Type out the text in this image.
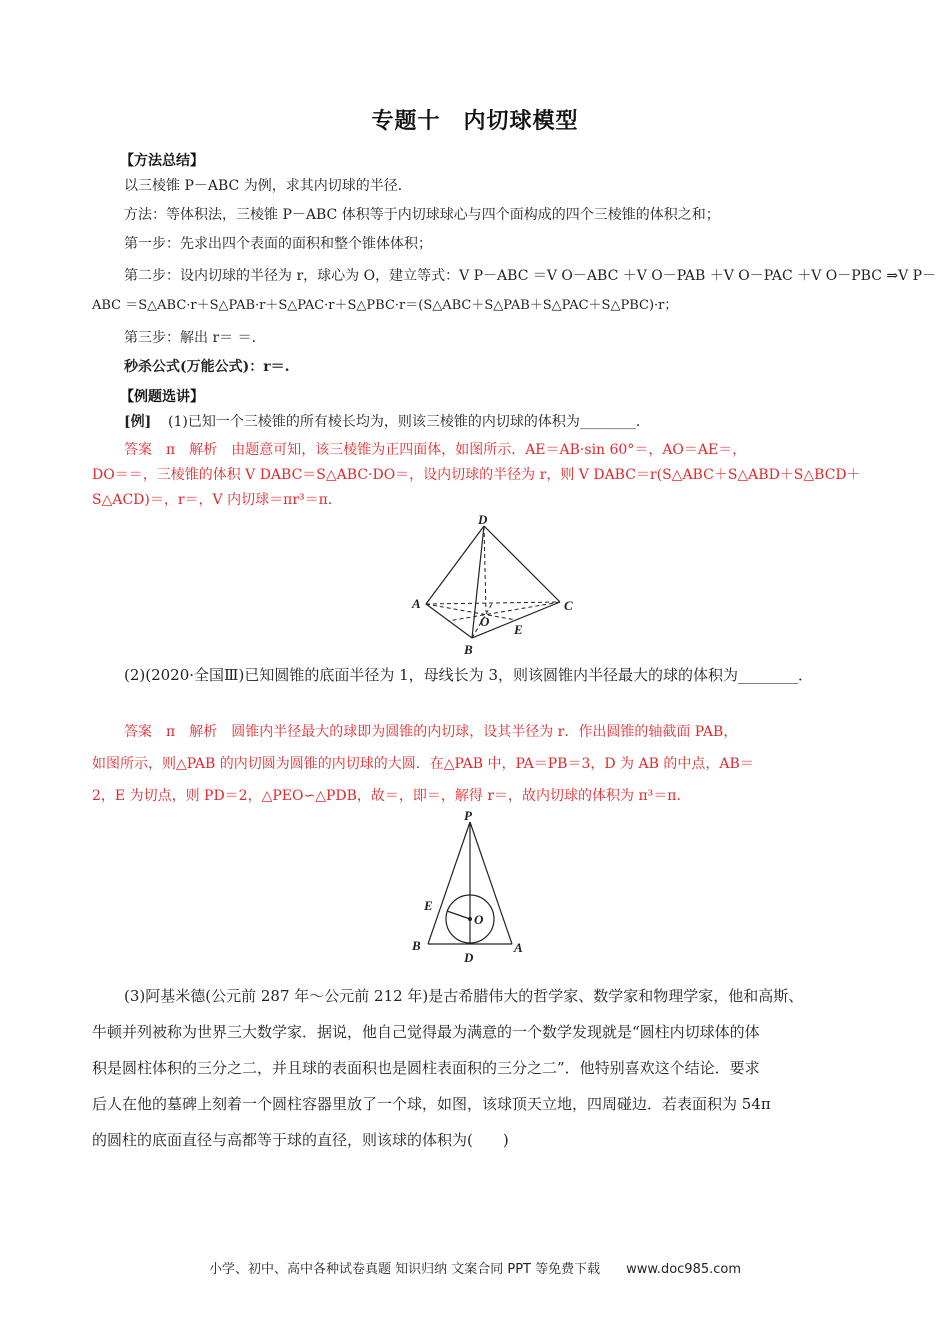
专题十　内切球模型
【方法总结】
以三棱锥 P－ABC 为例，求其内切球的半径．
方法：等体积法，三棱锥 P－ABC 体积等于内切球球心与四个面构成的四个三棱锥的体积之和；
第一步：先求出四个表面的面积和整个锥体体积；
第二步：设内切球的半径为 r，球心为 O，建立等式：V P－ABC ＝V O－ABC ＋V O－PAB ＋V O－PAC ＋V O－PBC ⇒V P－
ABC ＝S△ABC·r＋S△PAB·r＋S△PAC·r＋S△PBC·r＝(S△ABC＋S△PAB＋S△PAC＋S△PBC)·r；
第三步：解出 r＝ ＝．
秒杀公式(万能公式)：r＝.
【例题选讲】
[例] (1)已知一个三棱锥的所有棱长均为，则该三棱锥的内切球的体积为________．
答案　π　解析　由题意可知，该三棱锥为正四面体，如图所示．AE＝AB·sin 60°＝，AO＝AE＝，
DO＝＝，三棱锥的体积 V DABC＝S△ABC·DO＝，设内切球的半径为 r，则 V DABC＝r(S△ABC＋S△ABD＋S△BCD＋
S△ACD)＝，r＝，V 内切球＝πr³＝π．
D
A	C
O
E
B
(2)(2020·全国Ⅲ)已知圆锥的底面半径为 1，母线长为 3，则该圆锥内半径最大的球的体积为________．
答案　π　解析　圆锥内半径最大的球即为圆锥的内切球，设其半径为 r．作出圆锥的轴截面 PAB，
如图所示，则△PAB 的内切圆为圆锥的内切球的大圆．在△PAB 中，PA＝PB＝3，D 为 AB 的中点，AB＝
2，E 为切点，则 PD＝2，△PEO∽△PDB，故＝，即＝，解得 r＝，故内切球的体积为 π³＝π．
P
E
O
B	A
D
(3)阿基米德(公元前 287 年～公元前 212 年)是古希腊伟大的哲学家、数学家和物理学家，他和高斯、
牛顿并列被称为世界三大数学家．据说，他自己觉得最为满意的一个数学发现就是“圆柱内切球体的体
积是圆柱体积的三分之二，并且球的表面积也是圆柱表面积的三分之二”．他特别喜欢这个结论．要求
后人在他的墓碑上刻着一个圆柱容器里放了一个球，如图，该球顶天立地，四周碰边．若表面积为 54π
的圆柱的底面直径与高都等于球的直径，则该球的体积为(　　)
小学、初中、高中各种试卷真题 知识归纳 文案合同 PPT 等免费下载　　www.doc985.com
